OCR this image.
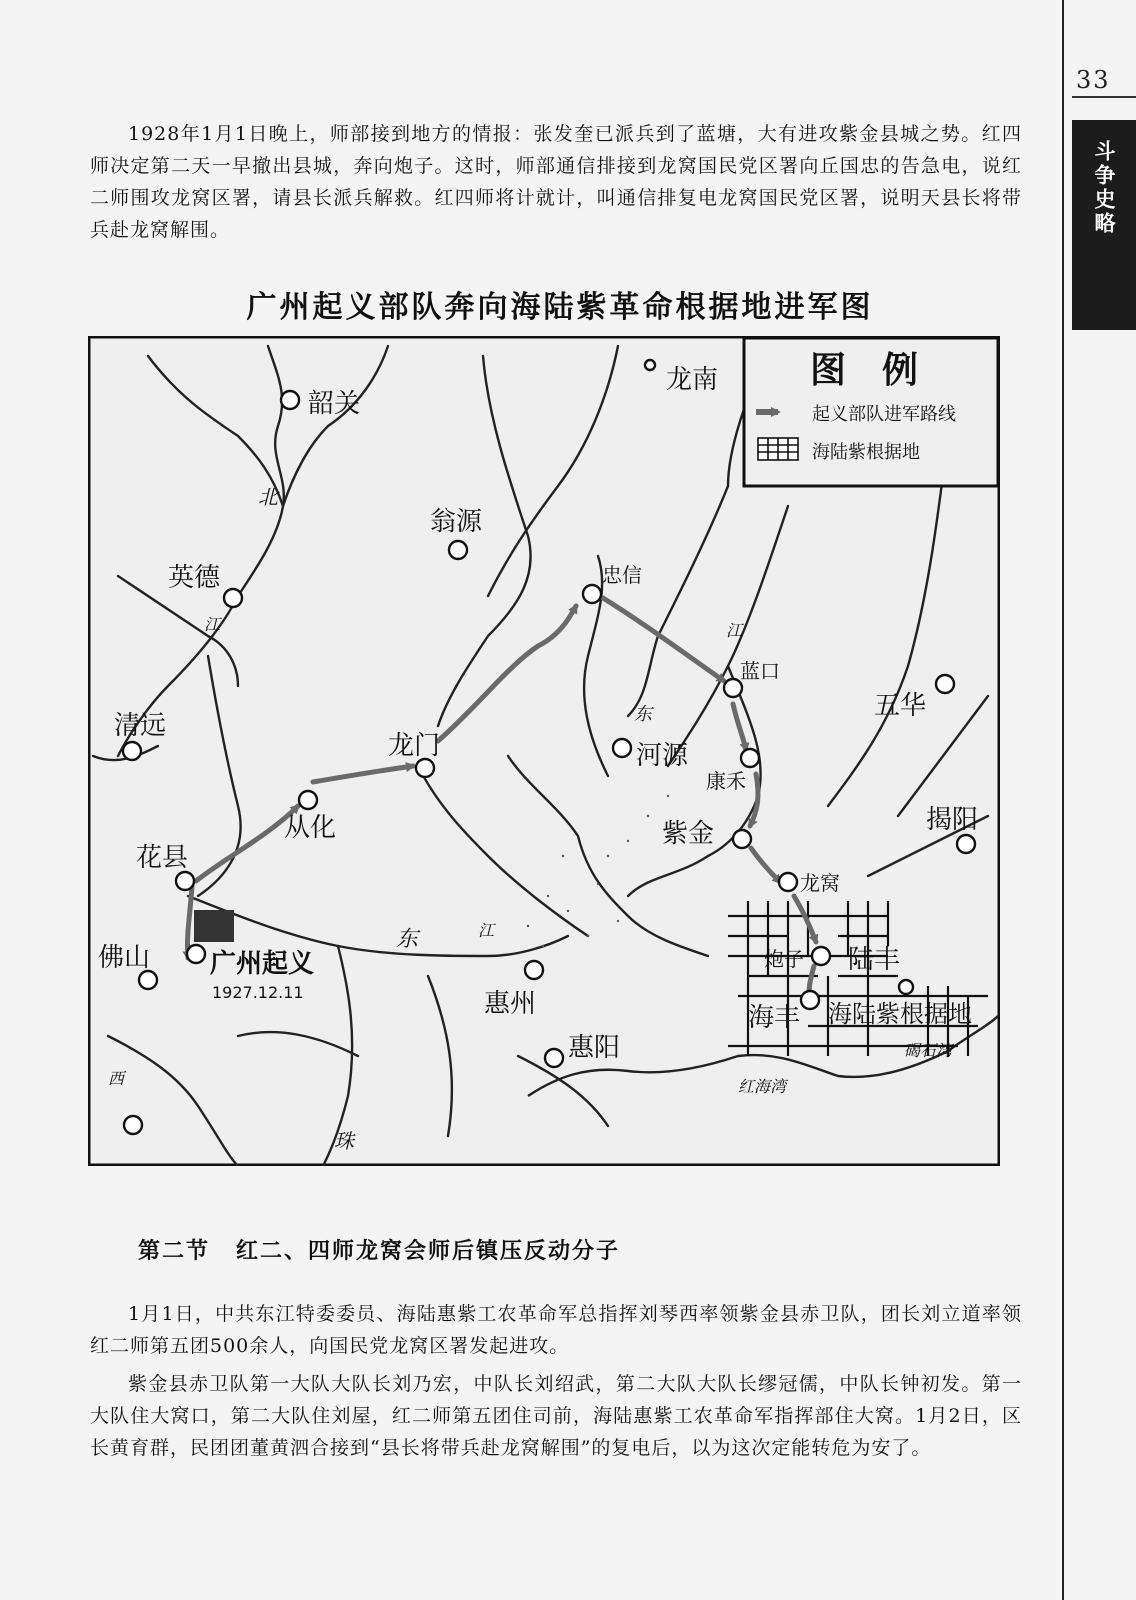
33
斗争史略

1928年1月1日晚上，师部接到地方的情报：张发奎已派兵到了蓝塘，大有进攻紫金县城之势。红四师决定第二天一早撤出县城，奔向炮子。这时，师部通信排接到龙窝国民党区署向丘国忠的告急电，说红二师围攻龙窝区署，请县长派兵解救。红四师将计就计，叫通信排复电龙窝国民党区署，说明天县长将带兵赴龙窝解围。

广州起义部队奔向海陆紫革命根据地进军图
图　例
起义部队进军路线
海陆紫根据地
韶关
龙南
翁源
英德	忠信
蓝口
五华
清远
龙门	河源
康禾
从化	揭阳
紫金
花县
龙窝
佛山 广州起义
1927.12.11
炮子 陆丰
惠州	海丰 海陆紫根据地
惠阳
北
江
东
江
东	江
珠
西	红海湾
碣石湾
第二节 红二、四师龙窝会师后镇压反动分子

1月1日，中共东江特委委员、海陆惠紫工农革命军总指挥刘琴西率领紫金县赤卫队，团长刘立道率领红二师第五团500余人，向国民党龙窝区署发起进攻。

紫金县赤卫队第一大队大队长刘乃宏，中队长刘绍武，第二大队大队长缪冠儒，中队长钟初发。第一大队住大窝口，第二大队住刘屋，红二师第五团住司前，海陆惠紫工农革命军指挥部住大窝。1月2日，区长黄育群，民团团董黄泗合接到“县长将带兵赴龙窝解围”的复电后，以为这次定能转危为安了。
